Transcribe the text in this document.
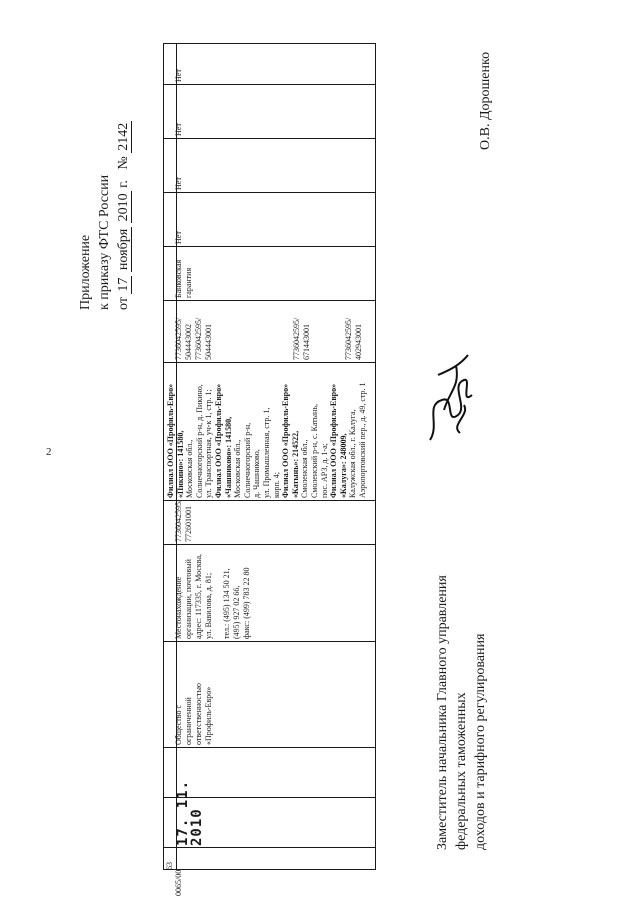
2
Приложение к приказу ФТС России от 17 ноября 2010 г.   № 2142
Нет
Нет
Нет
Нет
Банковская гарантия
7736042595/ 504443002 7736042595/ 504443001	7736042595/ 671443001	7736042595/ 402943001
Филиал ООО «Профиль-Евро» «Пикино»: 141580, Московская обл., Солнечногорский р-н, д. Пикино, ул. Транспортная, уч-к 1, стр. 1; Филиал ООО «Профиль-Евро» «Чашниково»: 141580, Московская обл., Солнечногорский р-н, д. Чашниково, ул. Промышленная, стр. 1, корп. 4; Филиал ООО «Профиль-Евро» «Катынь»: 214522, Смоленская обл., Смоленский р-н, с. Катынь, пос. АРЗ, д. 1-а; Филиал ООО «Профиль-Евро» «Калуга»: 248009, Калужская обл., г. Калуга, Аэропортовский пер., д. 49, стр. 1
7736042595/ 772601001
Местонахождение организации, почтовый адрес: 117335, г. Москва, ул. Вавилова, д. 81; тел.: (495) 134 50 21, (495) 927 02 66, факс: (499) 783 22 80
Общество с ограниченной ответственностью «Профиль-Евро»
17. 11.
2010
0065/00
63
Заместитель начальника Главного управления федеральных таможенных доходов и тарифного регулирования
О.В. Дорошенко
